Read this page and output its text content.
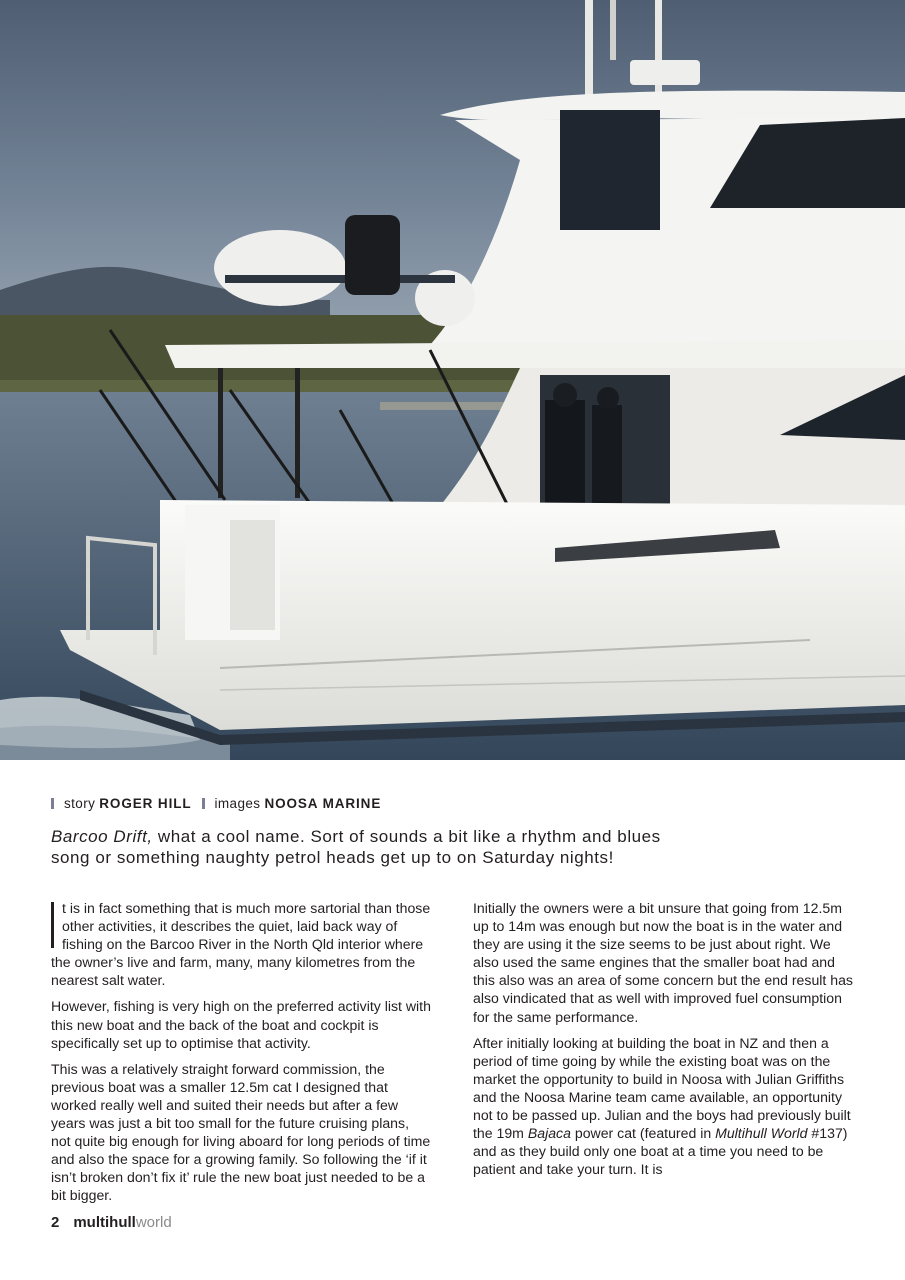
story ROGER HILL images NOOSA MARINE
Barcoo Drift, what a cool name. Sort of sounds a bit like a rhythm and blues
song or something naughty petrol heads get up to on Saturday nights!

t is in fact something that is much more sartorial than those other activities, it describes the quiet, laid back way of fishing on the Barcoo River in the North Qld interior where the owner’s live and farm, many, many kilometres from the nearest salt water.

However, fishing is very high on the preferred activity list with this new boat and the back of the boat and cockpit is specifically set up to optimise that activity.

This was a relatively straight forward commission, the previous boat was a smaller 12.5m cat I designed that worked really well and suited their needs but after a few years was just a bit too small for the future cruising plans, not quite big enough for living aboard for long periods of time and also the space for a growing family. So following the ‘if it isn’t broken don’t fix it’ rule the new boat just needed to be a bit bigger.

Initially the owners were a bit unsure that going from 12.5m up to 14m was enough but now the boat is in the water and they are using it the size seems to be just about right. We also used the same engines that the smaller boat had and this also was an area of some concern but the end result has also vindicated that as well with improved fuel consumption for the same performance.

After initially looking at building the boat in NZ and then a period of time going by while the existing boat was on the market the opportunity to build in Noosa with Julian Griffiths and the Noosa Marine team came available, an opportunity not to be passed up. Julian and the boys had previously built the 19m Bajaca power cat (featured in Multihull World #137) and as they build only one boat at a time you need to be patient and take your turn. It is

2 multihullworld
